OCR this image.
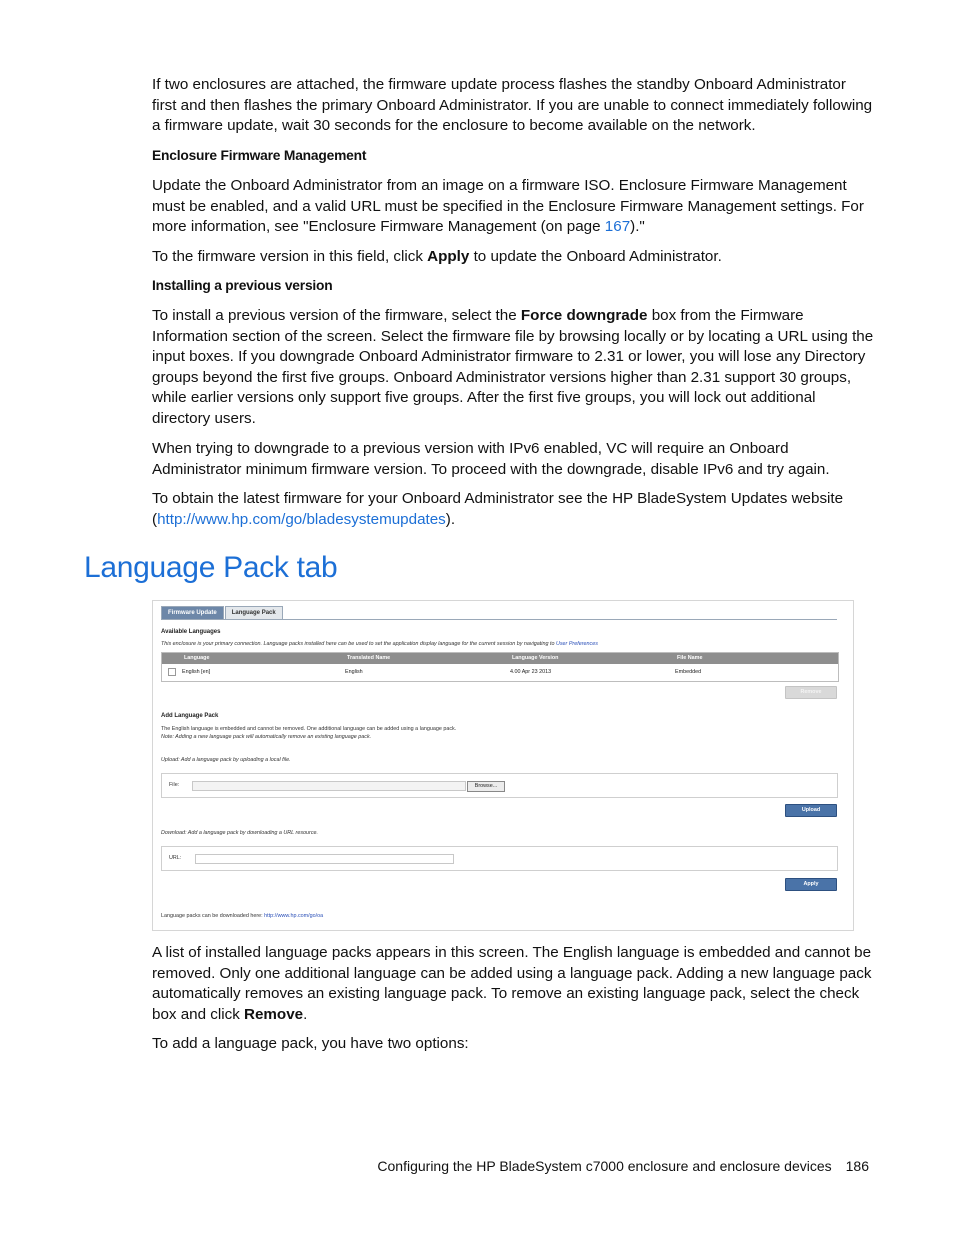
If two enclosures are attached, the firmware update process flashes the standby Onboard Administrator first and then flashes the primary Onboard Administrator. If you are unable to connect immediately following a firmware update, wait 30 seconds for the enclosure to become available on the network.

Enclosure Firmware Management

Update the Onboard Administrator from an image on a firmware ISO. Enclosure Firmware Management must be enabled, and a valid URL must be specified in the Enclosure Firmware Management settings. For more information, see "Enclosure Firmware Management (on page 167)."

To the firmware version in this field, click Apply to update the Onboard Administrator.

Installing a previous version

To install a previous version of the firmware, select the Force downgrade box from the Firmware Information section of the screen. Select the firmware file by browsing locally or by locating a URL using the input boxes. If you downgrade Onboard Administrator firmware to 2.31 or lower, you will lose any Directory groups beyond the first five groups. Onboard Administrator versions higher than 2.31 support 30 groups, while earlier versions only support five groups. After the first five groups, you will lock out additional directory users.

When trying to downgrade to a previous version with IPv6 enabled, VC will require an Onboard Administrator minimum firmware version. To proceed with the downgrade, disable IPv6 and try again.

To obtain the latest firmware for your Onboard Administrator see the HP BladeSystem Updates website (http://www.hp.com/go/bladesystemupdates).

Language Pack tab
Firmware Update	Language Pack
Available Languages
This enclosure is your primary connection. Language packs installed here can be used to set the application display language for the current session by navigating to User Preferences
Language	Translated Name	Language Version	File Name
English [en]	English	4.00 Apr 23 2013	Embedded
Remove
Add Language Pack
The English language is embedded and cannot be removed. One additional language can be added using a language pack.
Note: Adding a new language pack will automatically remove an existing language pack.
Upload: Add a language pack by uploading a local file.
File:	Browse...
Upload
Download: Add a language pack by downloading a URL resource.
URL:
Apply
Language packs can be downloaded here: http://www.hp.com/go/oa

A list of installed language packs appears in this screen. The English language is embedded and cannot be removed. Only one additional language can be added using a language pack. Adding a new language pack automatically removes an existing language pack. To remove an existing language pack, select the check box and click Remove.

To add a language pack, you have two options:

Configuring the HP BladeSystem c7000 enclosure and enclosure devices 186
